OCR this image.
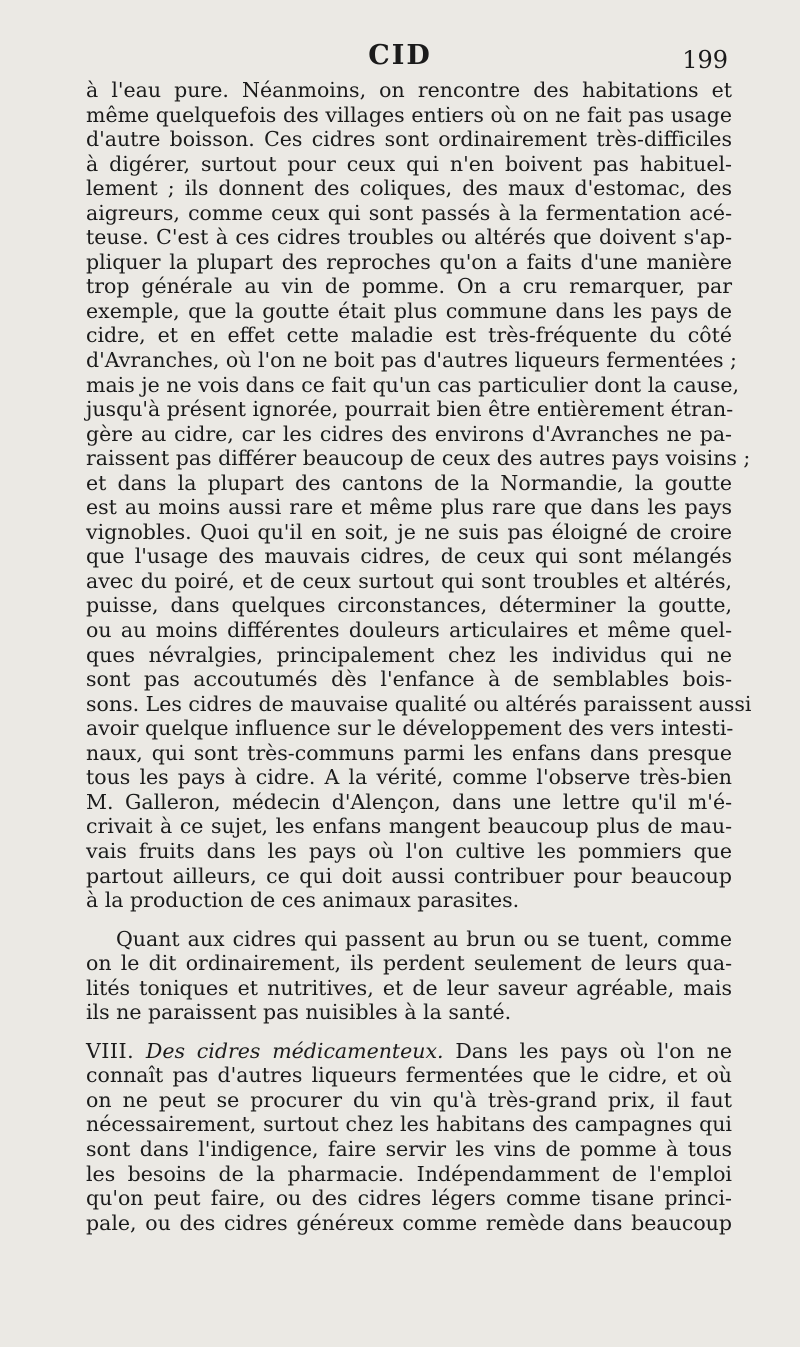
CID	199
à l'eau pure. Néanmoins, on rencontre des habitations et
même quelquefois des villages entiers où on ne fait pas usage
d'autre boisson. Ces cidres sont ordinairement très-difficiles
à digérer, surtout pour ceux qui n'en boivent pas habituel-
lement ; ils donnent des coliques, des maux d'estomac, des
aigreurs, comme ceux qui sont passés à la fermentation acé-
teuse. C'est à ces cidres troubles ou altérés que doivent s'ap-
pliquer la plupart des reproches qu'on a faits d'une manière
trop générale au vin de pomme. On a cru remarquer, par
exemple, que la goutte était plus commune dans les pays de
cidre, et en effet cette maladie est très-fréquente du côté
d'Avranches, où l'on ne boit pas d'autres liqueurs fermentées ;
mais je ne vois dans ce fait qu'un cas particulier dont la cause,
jusqu'à présent ignorée, pourrait bien être entièrement étran-
gère au cidre, car les cidres des environs d'Avranches ne pa-
raissent pas différer beaucoup de ceux des autres pays voisins ;
et dans la plupart des cantons de la Normandie, la goutte
est au moins aussi rare et même plus rare que dans les pays
vignobles. Quoi qu'il en soit, je ne suis pas éloigné de croire
que l'usage des mauvais cidres, de ceux qui sont mélangés
avec du poiré, et de ceux surtout qui sont troubles et altérés,
puisse, dans quelques circonstances, déterminer la goutte,
ou au moins différentes douleurs articulaires et même quel-
ques névralgies, principalement chez les individus qui ne
sont pas accoutumés dès l'enfance à de semblables bois-
sons. Les cidres de mauvaise qualité ou altérés paraissent aussi
avoir quelque influence sur le développement des vers intesti-
naux, qui sont très-communs parmi les enfans dans presque
tous les pays à cidre. A la vérité, comme l'observe très-bien
M. Galleron, médecin d'Alençon, dans une lettre qu'il m'é-
crivait à ce sujet, les enfans mangent beaucoup plus de mau-
vais fruits dans les pays où l'on cultive les pommiers que
partout ailleurs, ce qui doit aussi contribuer pour beaucoup
à la production de ces animaux parasites.
Quant aux cidres qui passent au brun ou se tuent, comme
on le dit ordinairement, ils perdent seulement de leurs qua-
lités toniques et nutritives, et de leur saveur agréable, mais
ils ne paraissent pas nuisibles à la santé.
VIII. Des cidres médicamenteux. Dans les pays où l'on ne
connaît pas d'autres liqueurs fermentées que le cidre, et où
on ne peut se procurer du vin qu'à très-grand prix, il faut
nécessairement, surtout chez les habitans des campagnes qui
sont dans l'indigence, faire servir les vins de pomme à tous
les besoins de la pharmacie. Indépendamment de l'emploi
qu'on peut faire, ou des cidres légers comme tisane princi-
pale, ou des cidres généreux comme remède dans beaucoup
